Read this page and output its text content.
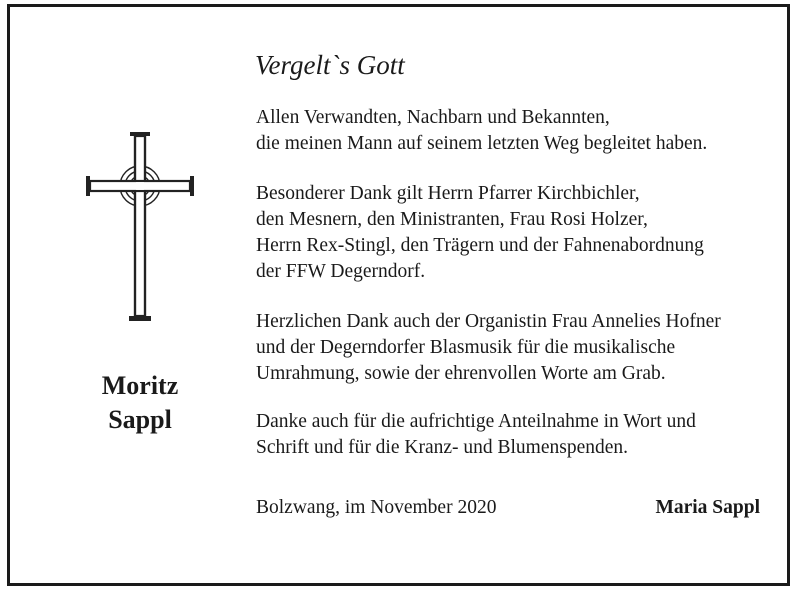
Moritz
Sappl
Vergelt`s Gott
Allen Verwandten, Nachbarn und Bekannten,
die meinen Mann auf seinem letzten Weg begleitet haben.
Besonderer Dank gilt Herrn Pfarrer Kirchbichler,
den Mesnern, den Ministranten, Frau Rosi Holzer,
Herrn Rex-Stingl, den Trägern und der Fahnenabordnung
der FFW Degerndorf.
Herzlichen Dank auch der Organistin Frau Annelies Hofner
und der Degerndorfer Blasmusik für die musikalische
Umrahmung, sowie der ehrenvollen Worte am Grab.
Danke auch für die aufrichtige Anteilnahme in Wort und
Schrift und für die Kranz- und Blumenspenden.
Bolzwang, im November 2020	Maria Sappl
